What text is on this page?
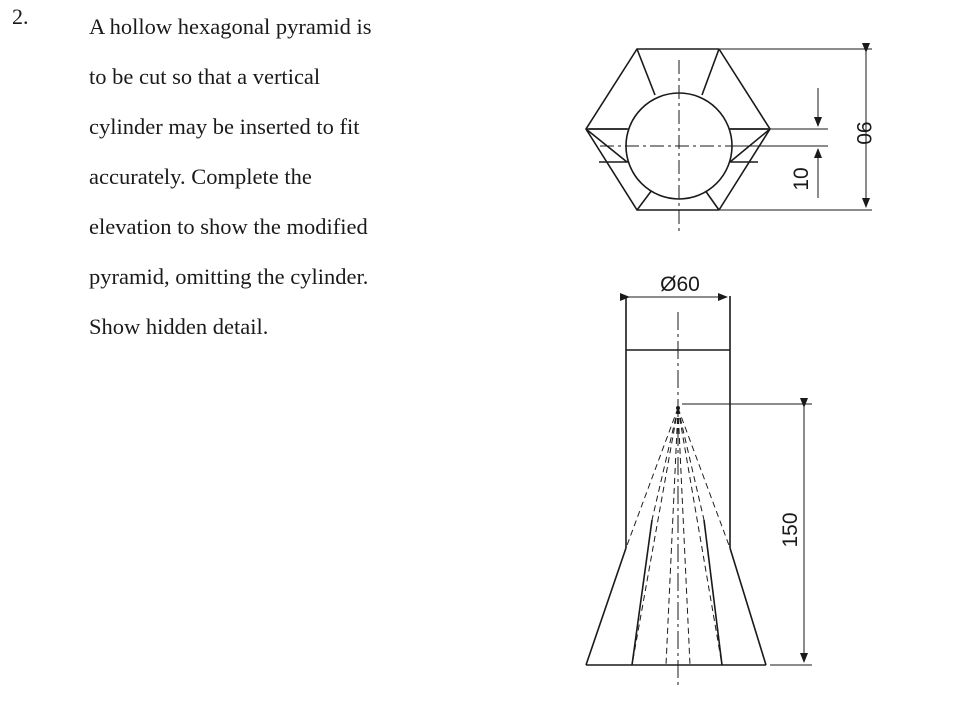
2.	A hollow hexagonal pyramid is
to be cut so that a vertical
cylinder may be inserted to fit
accurately. Complete the
elevation to show the modified
pyramid, omitting the cylinder.
Show hidden detail.
90
10
Ø60
150
